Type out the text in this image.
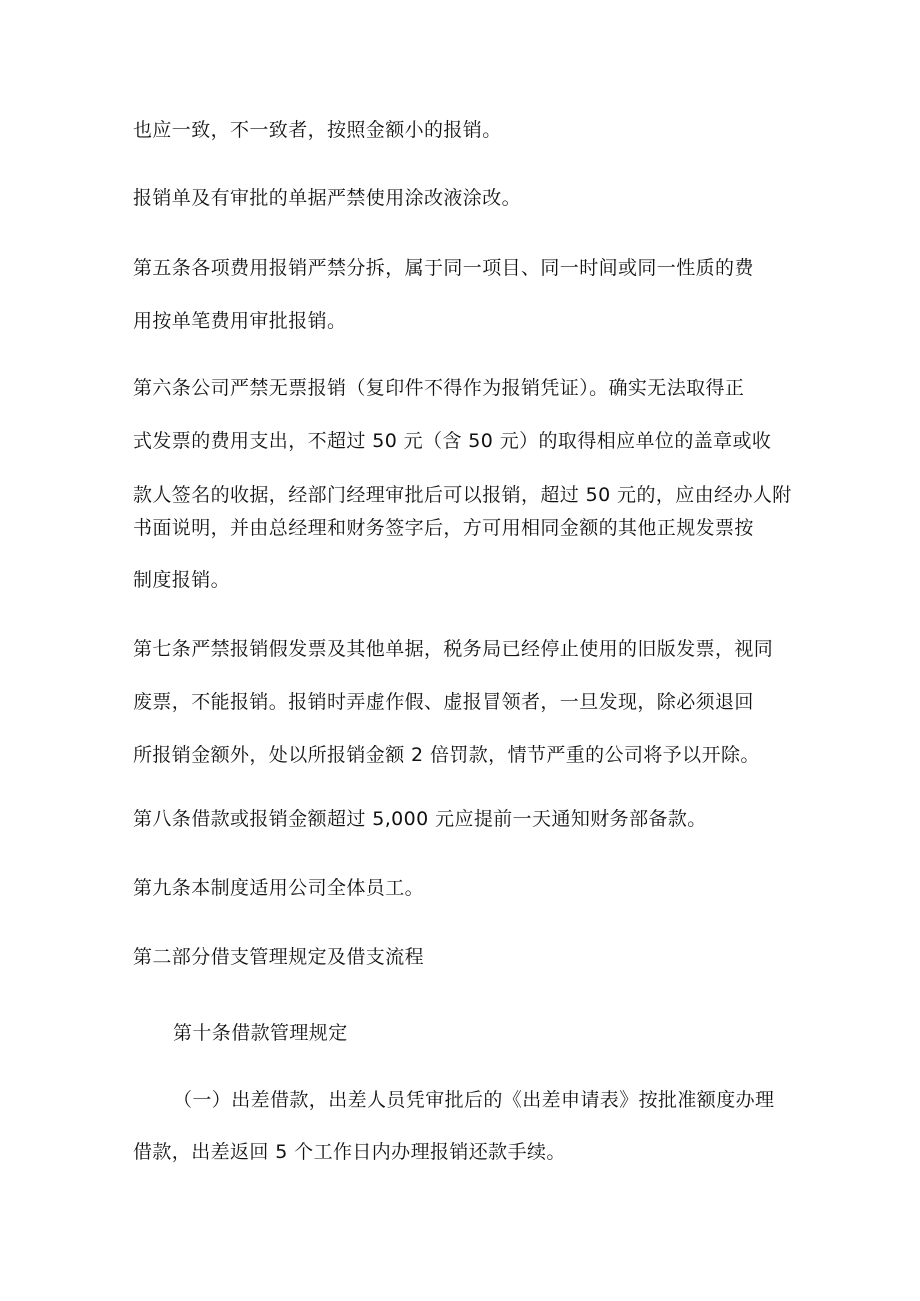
也应一致，不一致者，按照金额小的报销。
报销单及有审批的单据严禁使用涂改液涂改。
第五条各项费用报销严禁分拆，属于同一项目、同一时间或同一性质的费
用按单笔费用审批报销。
第六条公司严禁无票报销（复印件不得作为报销凭证）。确实无法取得正
式发票的费用支出，不超过 50 元（含 50 元）的取得相应单位的盖章或收
款人签名的收据，经部门经理审批后可以报销，超过 50 元的，应由经办人附
书面说明，并由总经理和财务签字后，方可用相同金额的其他正规发票按
制度报销。
第七条严禁报销假发票及其他单据，税务局已经停止使用的旧版发票，视同
废票，不能报销。报销时弄虚作假、虚报冒领者，一旦发现，除必须退回
所报销金额外，处以所报销金额 2 倍罚款，情节严重的公司将予以开除。
第八条借款或报销金额超过 5,000 元应提前一天通知财务部备款。
第九条本制度适用公司全体员工。
第二部分借支管理规定及借支流程
第十条借款管理规定
（一）出差借款，出差人员凭审批后的《出差申请表》按批准额度办理
借款，出差返回 5 个工作日内办理报销还款手续。
